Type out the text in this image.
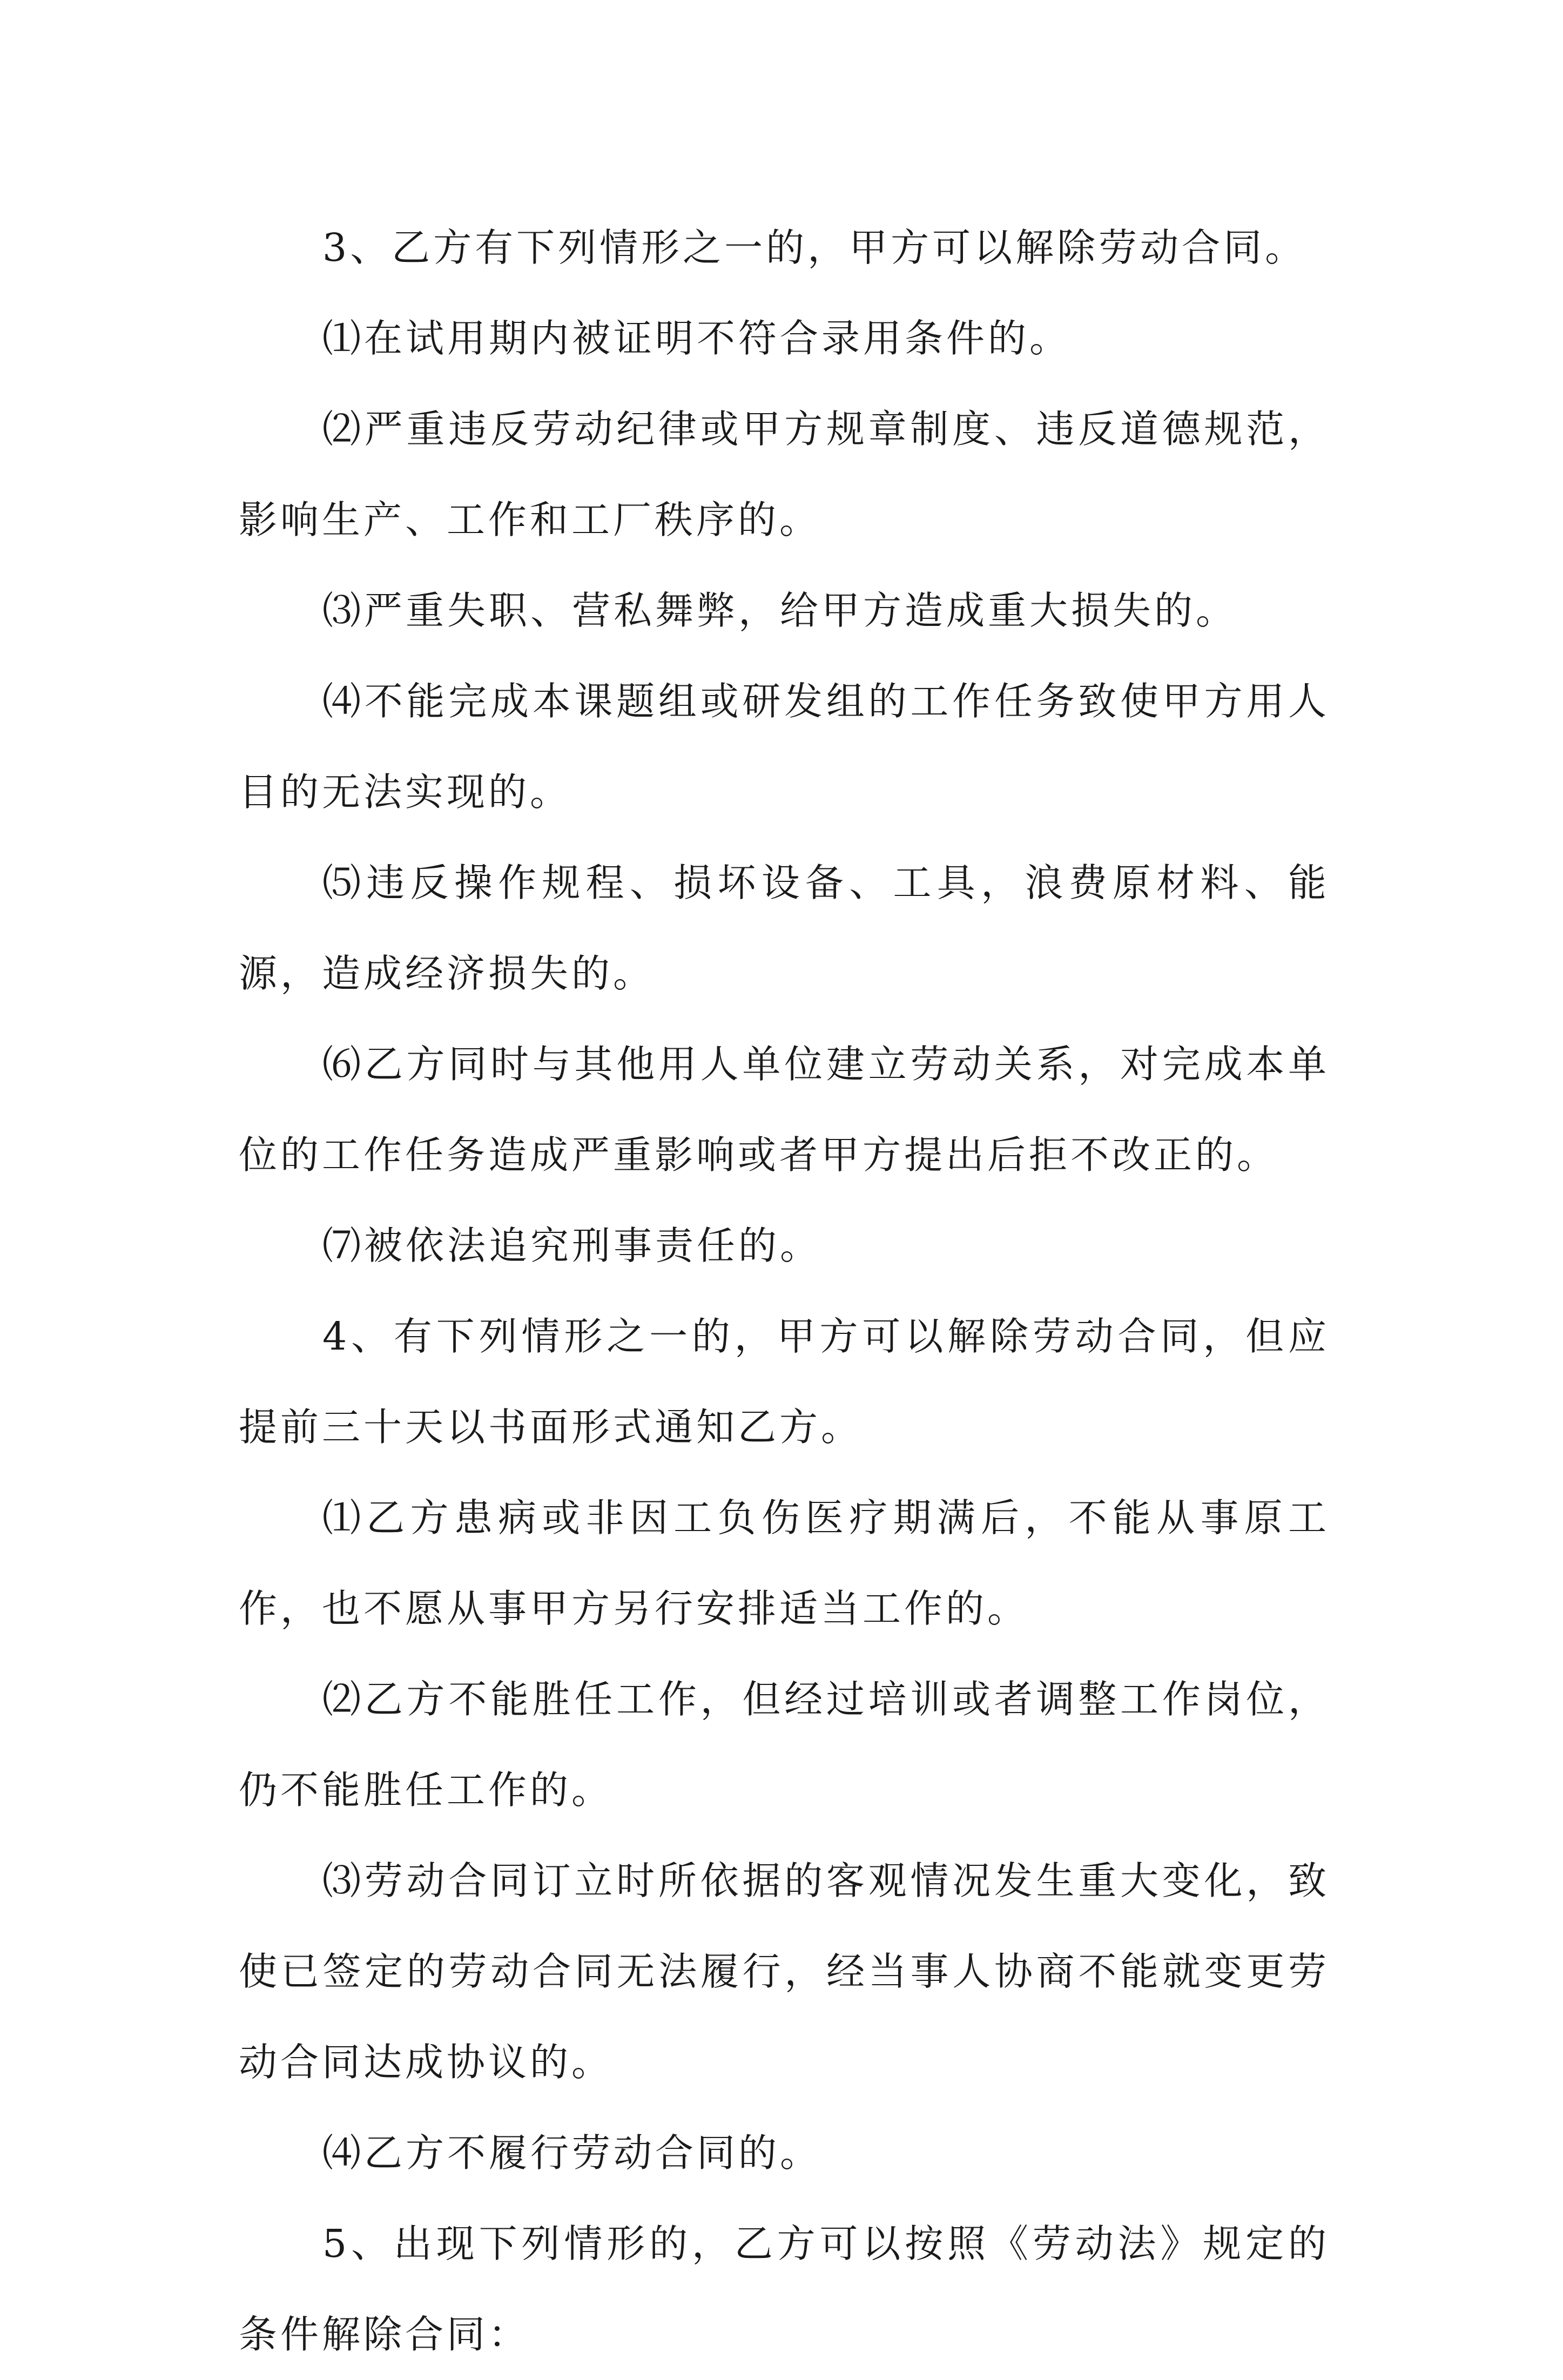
3、乙方有下列情形之一的，甲方可以解除劳动合同。

⑴在试用期内被证明不符合录用条件的。

⑵严重违反劳动纪律或甲方规章制度、违反道德规范，影响生产、工作和工厂秩序的。

⑶严重失职、营私舞弊，给甲方造成重大损失的。

⑷不能完成本课题组或研发组的工作任务致使甲方用人目的无法实现的。

⑸违反操作规程、损坏设备、工具，浪费原材料、能源，造成经济损失的。

⑹乙方同时与其他用人单位建立劳动关系，对完成本单位的工作任务造成严重影响或者甲方提出后拒不改正的。

⑺被依法追究刑事责任的。

4、有下列情形之一的，甲方可以解除劳动合同，但应提前三十天以书面形式通知乙方。

⑴乙方患病或非因工负伤医疗期满后，不能从事原工作，也不愿从事甲方另行安排适当工作的。

⑵乙方不能胜任工作，但经过培训或者调整工作岗位，仍不能胜任工作的。

⑶劳动合同订立时所依据的客观情况发生重大变化，致使已签定的劳动合同无法履行，经当事人协商不能就变更劳动合同达成协议的。

⑷乙方不履行劳动合同的。

5、出现下列情形的，乙方可以按照《劳动法》规定的条件解除合同：
